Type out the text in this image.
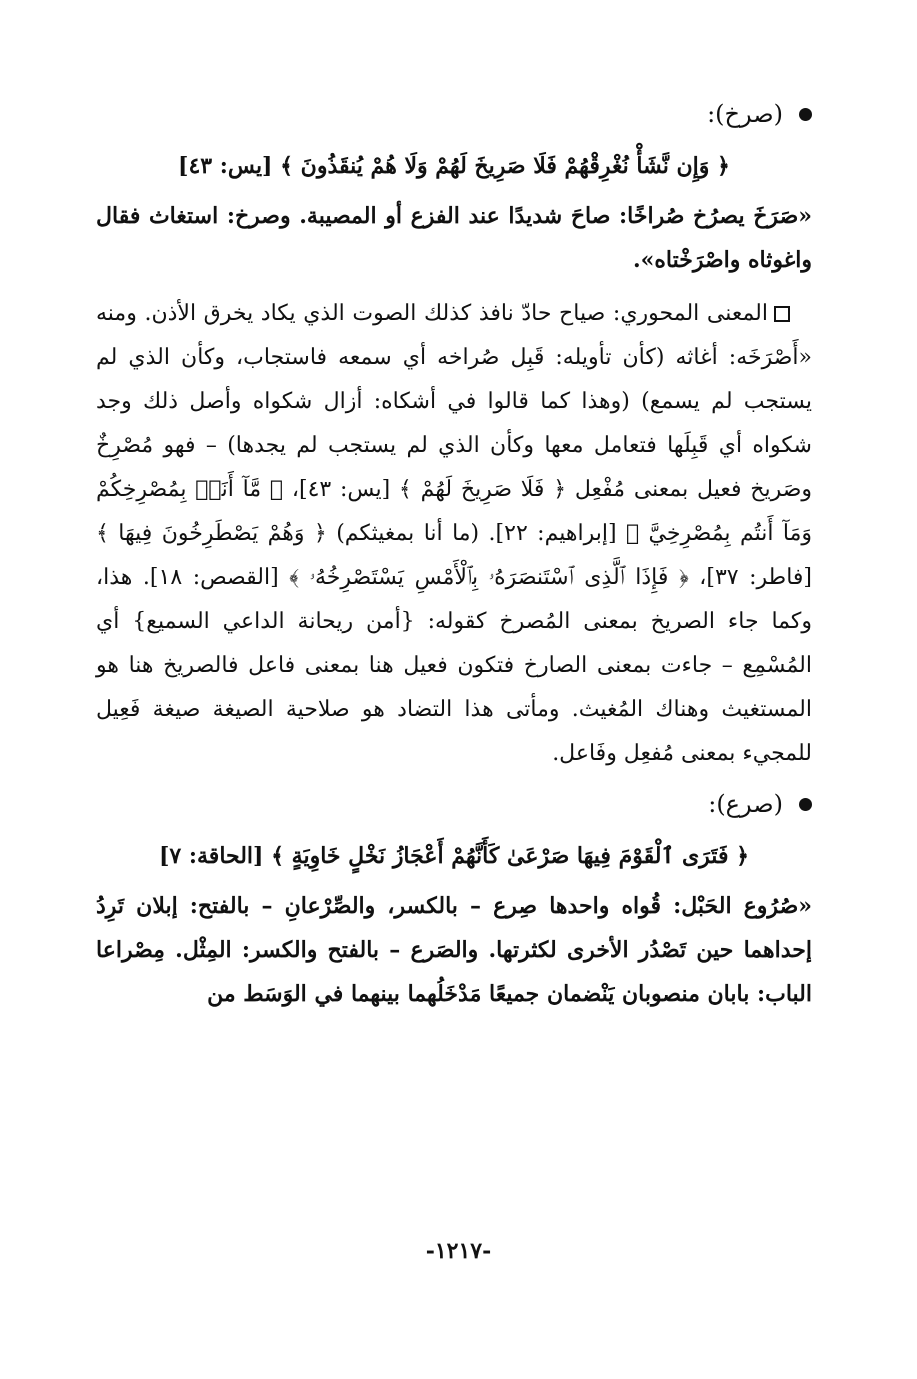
(صرخ):
﴿ وَإِن نَّشَأْ نُغْرِقْهُمْ فَلَا صَرِيخَ لَهُمْ وَلَا هُمْ يُنقَذُونَ ﴾ [يس: ٤٣]
«صَرَخَ يصرُخ صُراخًا: صاحَ شديدًا عند الفزع أو المصيبة. وصرخ: استغاث فقال واغوثاه واصْرَخْتاه».
المعنى المحوري: صياح حادّ نافذ كذلك الصوت الذي يكاد يخرق الأذن. ومنه «أَصْرَخَه: أغاثه (كأن تأويله: قَبِل صُراخه أي سمعه فاستجاب، وكأن الذي لم يستجب لم يسمع) (وهذا كما قالوا في أشكاه: أزال شكواه وأصل ذلك وجد شكواه أي قَبِلَها فتعامل معها وكأن الذي لم يستجب لم يجدها) – فهو مُصْرِخٌ وصَريخ فعيل بمعنى مُفْعِل ﴿ فَلَا صَرِيخَ لَهُمْ ﴾ [يس: ٤٣]، ﴿ مَّآ أَنَا۠ بِمُصْرِخِكُمْ وَمَآ أَنتُم بِمُصْرِخِيَّ ﴾ [إبراهيم: ٢٢]. (ما أنا بمغيثكم) ﴿ وَهُمْ يَصْطَرِخُونَ فِيهَا ﴾ [فاطر: ٣٧]، ﴿ فَإِذَا ٱلَّذِى ٱسْتَنصَرَهُۥ بِٱلْأَمْسِ يَسْتَصْرِخُهُۥ ﴾ [القصص: ١٨]. هذا، وكما جاء الصريخ بمعنى المُصرخ كقوله: {أمن ريحانة الداعي السميع} أي المُسْمِع – جاءت بمعنى الصارخ فتكون فعيل هنا بمعنى فاعل فالصريخ هنا هو المستغيث وهناك المُغيث. ومأتى هذا التضاد هو صلاحية الصيغة صيغة فَعِيل للمجيء بمعنى مُفعِل وفَاعل.
(صرع):
﴿ فَتَرَى ٱلْقَوْمَ فِيهَا صَرْعَىٰ كَأَنَّهُمْ أَعْجَازُ نَخْلٍ خَاوِيَةٍ ﴾ [الحاقة: ٧]
«صُرُوع الحَبْل: قُواه واحدها صِرع – بالكسر، والصِّرْعانِ – بالفتح: إبلان تَرِدُ إحداهما حين تَصْدُر الأخرى لكثرتها. والصَرع – بالفتح والكسر: المِثْل. مِصْراعا الباب: بابان منصوبان يَنْضمان جميعًا مَدْخَلُهما بينهما في الوَسَط من
-١٢١٧-
